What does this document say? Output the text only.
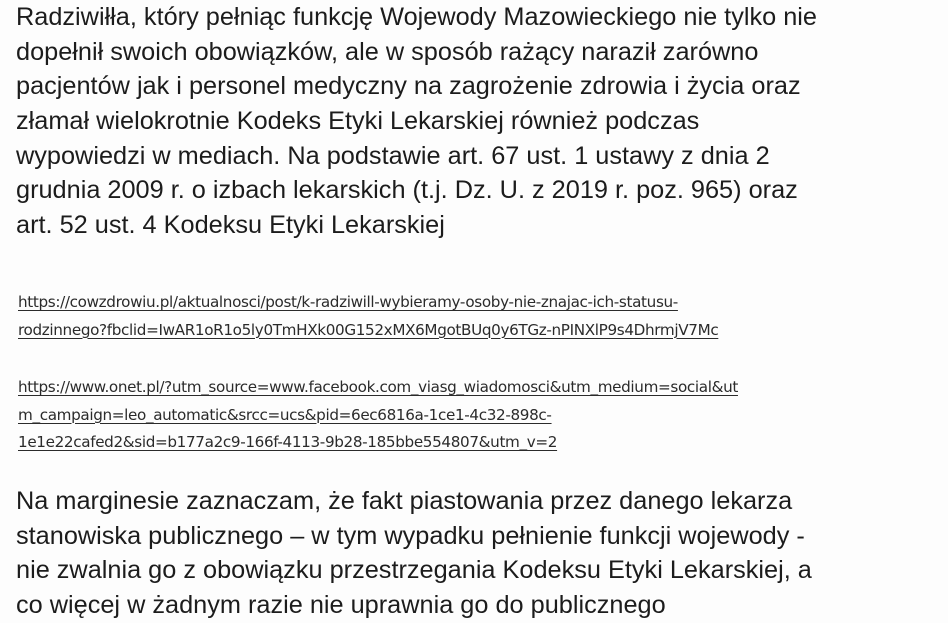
Radziwiłła, który pełniąc funkcję Wojewody Mazowieckiego nie tylko nie
dopełnił swoich obowiązków, ale w sposób rażący naraził zarówno
pacjentów jak i personel medyczny na zagrożenie zdrowia i życia oraz
złamał wielokrotnie Kodeks Etyki Lekarskiej również podczas
wypowiedzi w mediach. Na podstawie art. 67 ust. 1 ustawy z dnia 2
grudnia 2009 r. o izbach lekarskich (t.j. Dz. U. z 2019 r. poz. 965) oraz
art. 52 ust. 4 Kodeksu Etyki Lekarskiej
https://cowzdrowiu.pl/aktualnosci/post/k-radziwill-wybieramy-osoby-nie-znajac-ich-statusu-
rodzinnego?fbclid=IwAR1oR1o5ly0TmHXk00G152xMX6MgotBUq0y6TGz-nPINXlP9s4DhrmjV7Mc
https://www.onet.pl/?utm_source=www.facebook.com_viasg_wiadomosci&utm_medium=social&ut
m_campaign=leo_automatic&srcc=ucs&pid=6ec6816a-1ce1-4c32-898c-
1e1e22cafed2&sid=b177a2c9-166f-4113-9b28-185bbe554807&utm_v=2
Na marginesie zaznaczam, że fakt piastowania przez danego lekarza
stanowiska publicznego – w tym wypadku pełnienie funkcji wojewody -
nie zwalnia go z obowiązku przestrzegania Kodeksu Etyki Lekarskiej, a
co więcej w żadnym razie nie uprawnia go do publicznego
